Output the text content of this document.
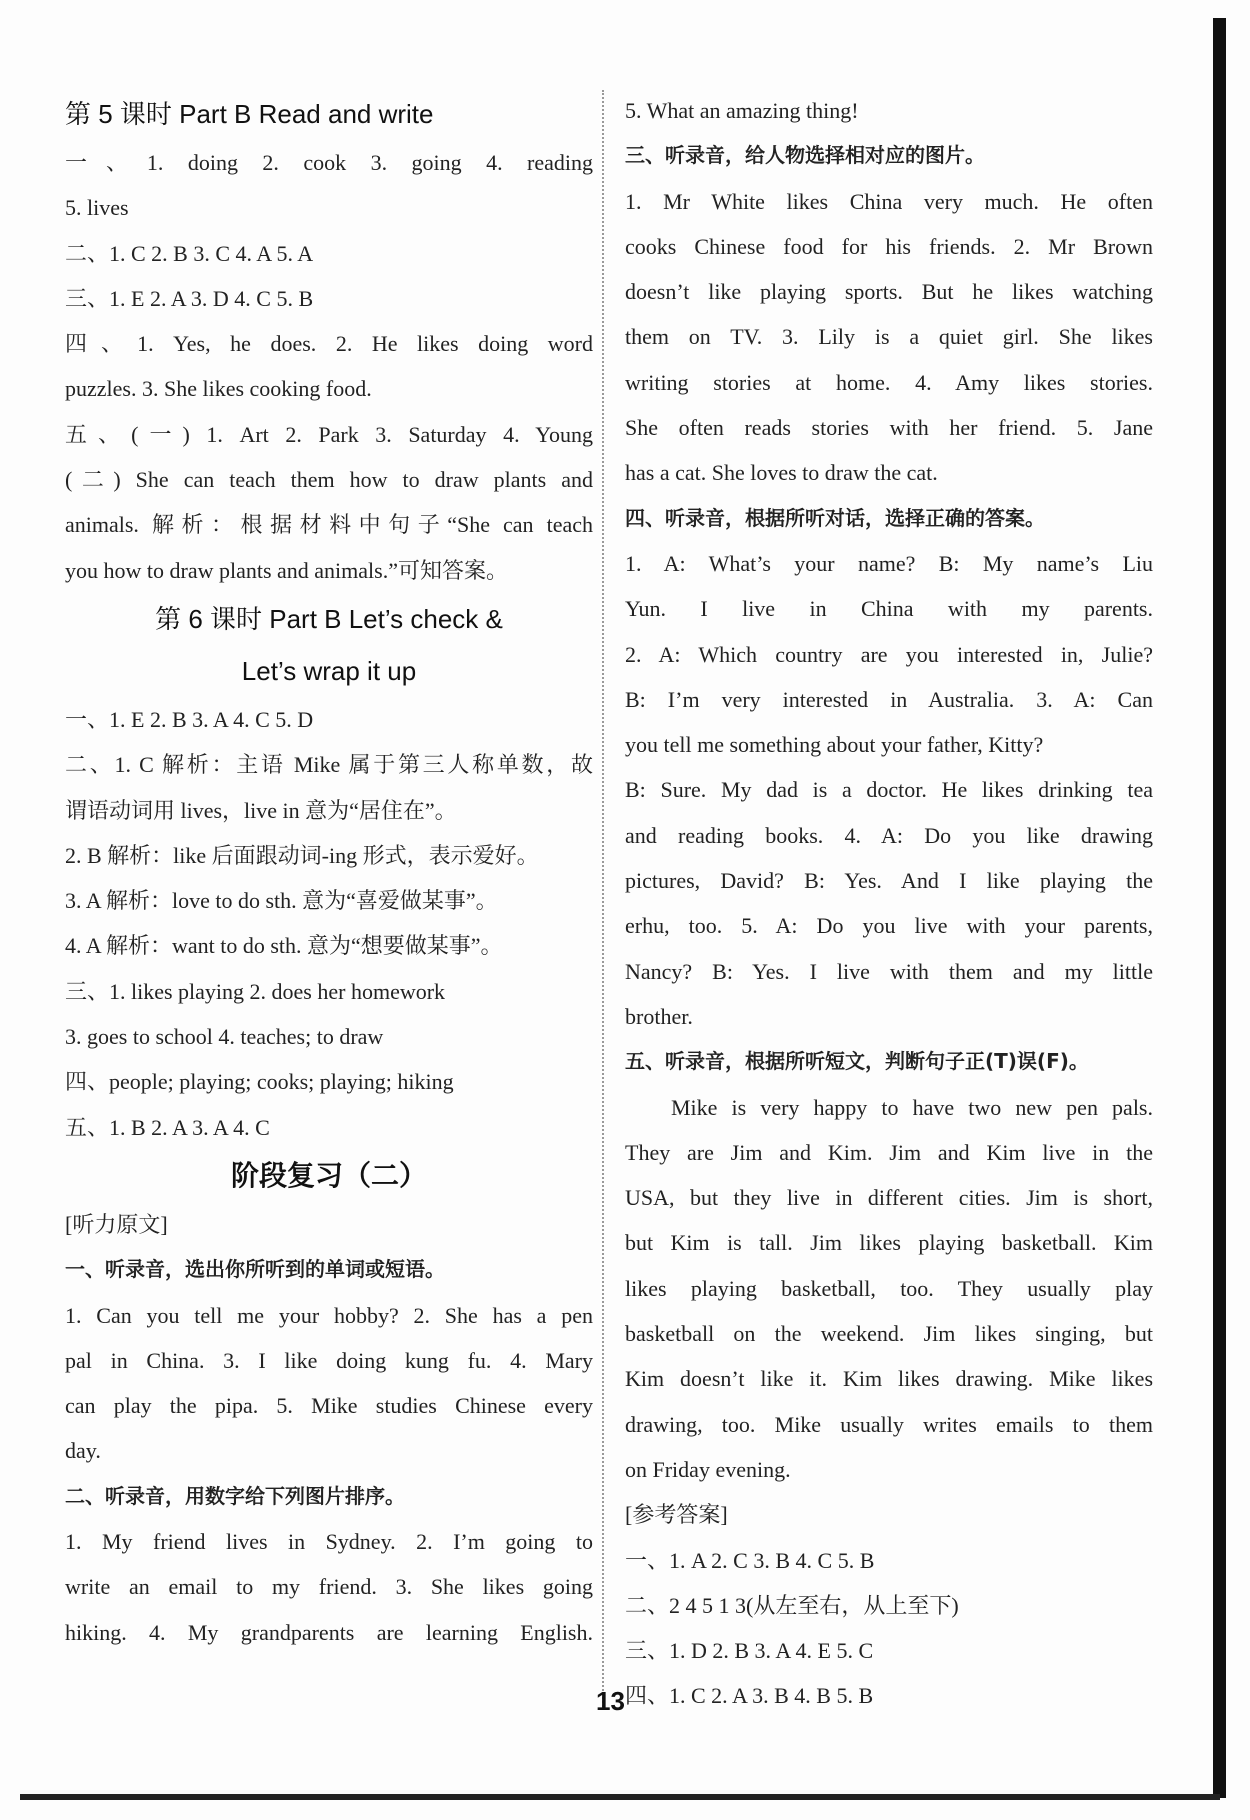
第 5 课时 Part B Read and write
一、1. doing 2. cook 3. going 4. reading
5. lives
二、1. C 2. B 3. C 4. A 5. A
三、1. E 2. A 3. D 4. C 5. B
四、1. Yes, he does. 2. He likes doing word
puzzles. 3. She likes cooking food.
五、(一) 1. Art 2. Park 3. Saturday 4. Young
(二) She can teach them how to draw plants and
animals. 解析：根据材料中句子“She can teach
you how to draw plants and animals.”可知答案。
第 6 课时 Part B Let’s check &
Let’s wrap it up
一、1. E 2. B 3. A 4. C 5. D
二、1. C 解析：主语 Mike 属于第三人称单数，故
谓语动词用 lives，live in 意为“居住在”。
2. B 解析：like 后面跟动词-ing 形式，表示爱好。
3. A 解析：love to do sth. 意为“喜爱做某事”。
4. A 解析：want to do sth. 意为“想要做某事”。
三、1. likes playing 2. does her homework
3. goes to school 4. teaches; to draw
四、people; playing; cooks; playing; hiking
五、1. B 2. A 3. A 4. C
阶段复习（二）
[听力原文]
一、听录音，选出你所听到的单词或短语。
1. Can you tell me your hobby? 2. She has a pen
pal in China. 3. I like doing kung fu. 4. Mary
can play the pipa. 5. Mike studies Chinese every
day.
二、听录音，用数字给下列图片排序。
1. My friend lives in Sydney. 2. I’m going to
write an email to my friend. 3. She likes going
hiking. 4. My grandparents are learning English.
5. What an amazing thing!
三、听录音，给人物选择相对应的图片。
1. Mr White likes China very much. He often
cooks Chinese food for his friends. 2. Mr Brown
doesn’t like playing sports. But he likes watching
them on TV. 3. Lily is a quiet girl. She likes
writing stories at home. 4. Amy likes stories.
She often reads stories with her friend. 5. Jane
has a cat. She loves to draw the cat.
四、听录音，根据所听对话，选择正确的答案。
1. A: What’s your name? B: My name’s Liu
Yun. I live in China with my parents.
2. A: Which country are you interested in, Julie?
B: I’m very interested in Australia. 3. A: Can
you tell me something about your father, Kitty?
B: Sure. My dad is a doctor. He likes drinking tea
and reading books. 4. A: Do you like drawing
pictures, David? B: Yes. And I like playing the
erhu, too. 5. A: Do you live with your parents,
Nancy? B: Yes. I live with them and my little
brother.
五、听录音，根据所听短文，判断句子正(T)误(F)。
Mike is very happy to have two new pen pals.
They are Jim and Kim. Jim and Kim live in the
USA, but they live in different cities. Jim is short,
but Kim is tall. Jim likes playing basketball. Kim
likes playing basketball, too. They usually play
basketball on the weekend. Jim likes singing, but
Kim doesn’t like it. Kim likes drawing. Mike likes
drawing, too. Mike usually writes emails to them
on Friday evening.
[参考答案]
一、1. A 2. C 3. B 4. C 5. B
二、2 4 5 1 3(从左至右，从上至下)
三、1. D 2. B 3. A 4. E 5. C
四、1. C 2. A 3. B 4. B 5. B
13
